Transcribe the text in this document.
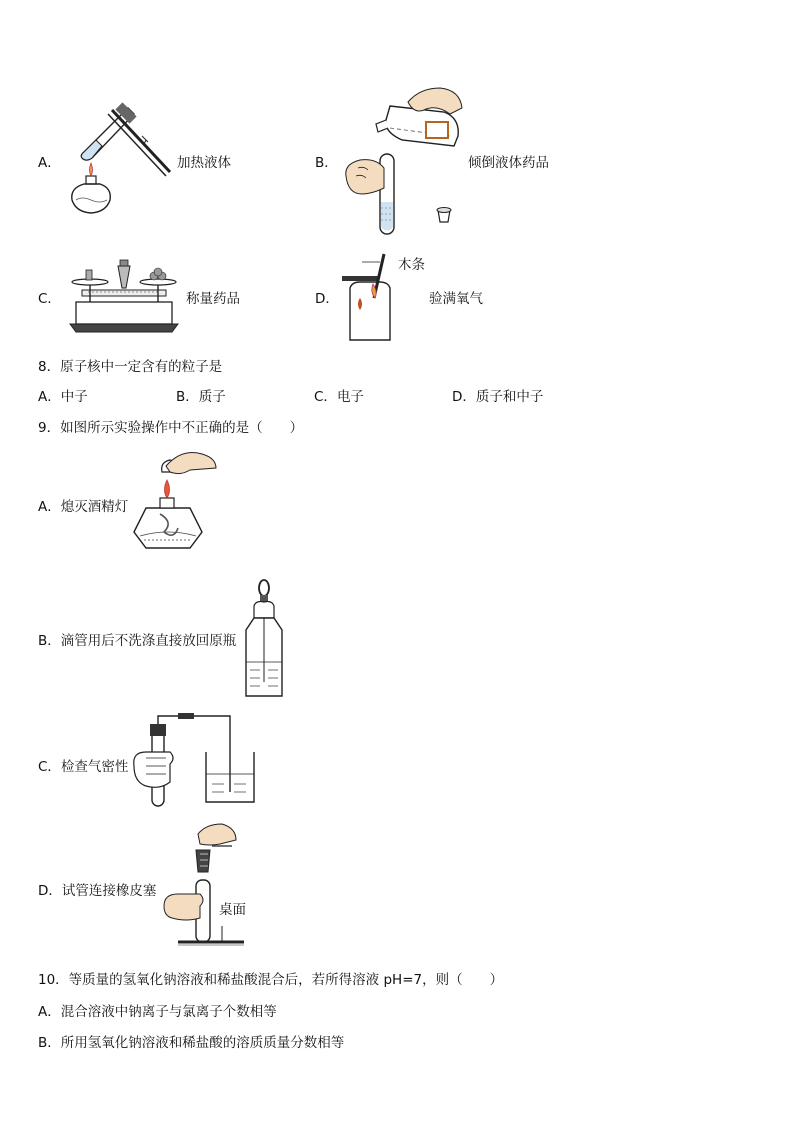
A．	加热液体	B．	倾倒液体药品
C．	称量药品	D．
木条
验满氧气
8．原子核中一定含有的粒子是
A．中子	B．质子	C．电子	D．质子和中子
9．如图所示实验操作中不正确的是（　　）
A．熄灭酒精灯
B．滴管用后不洗涤直接放回原瓶
C．检查气密性
D．试管连接橡皮塞
桌面
10．等质量的氢氧化钠溶液和稀盐酸混合后，若所得溶液 pH=7，则（　　）
A．混合溶液中钠离子与氯离子个数相等
B．所用氢氧化钠溶液和稀盐酸的溶质质量分数相等
